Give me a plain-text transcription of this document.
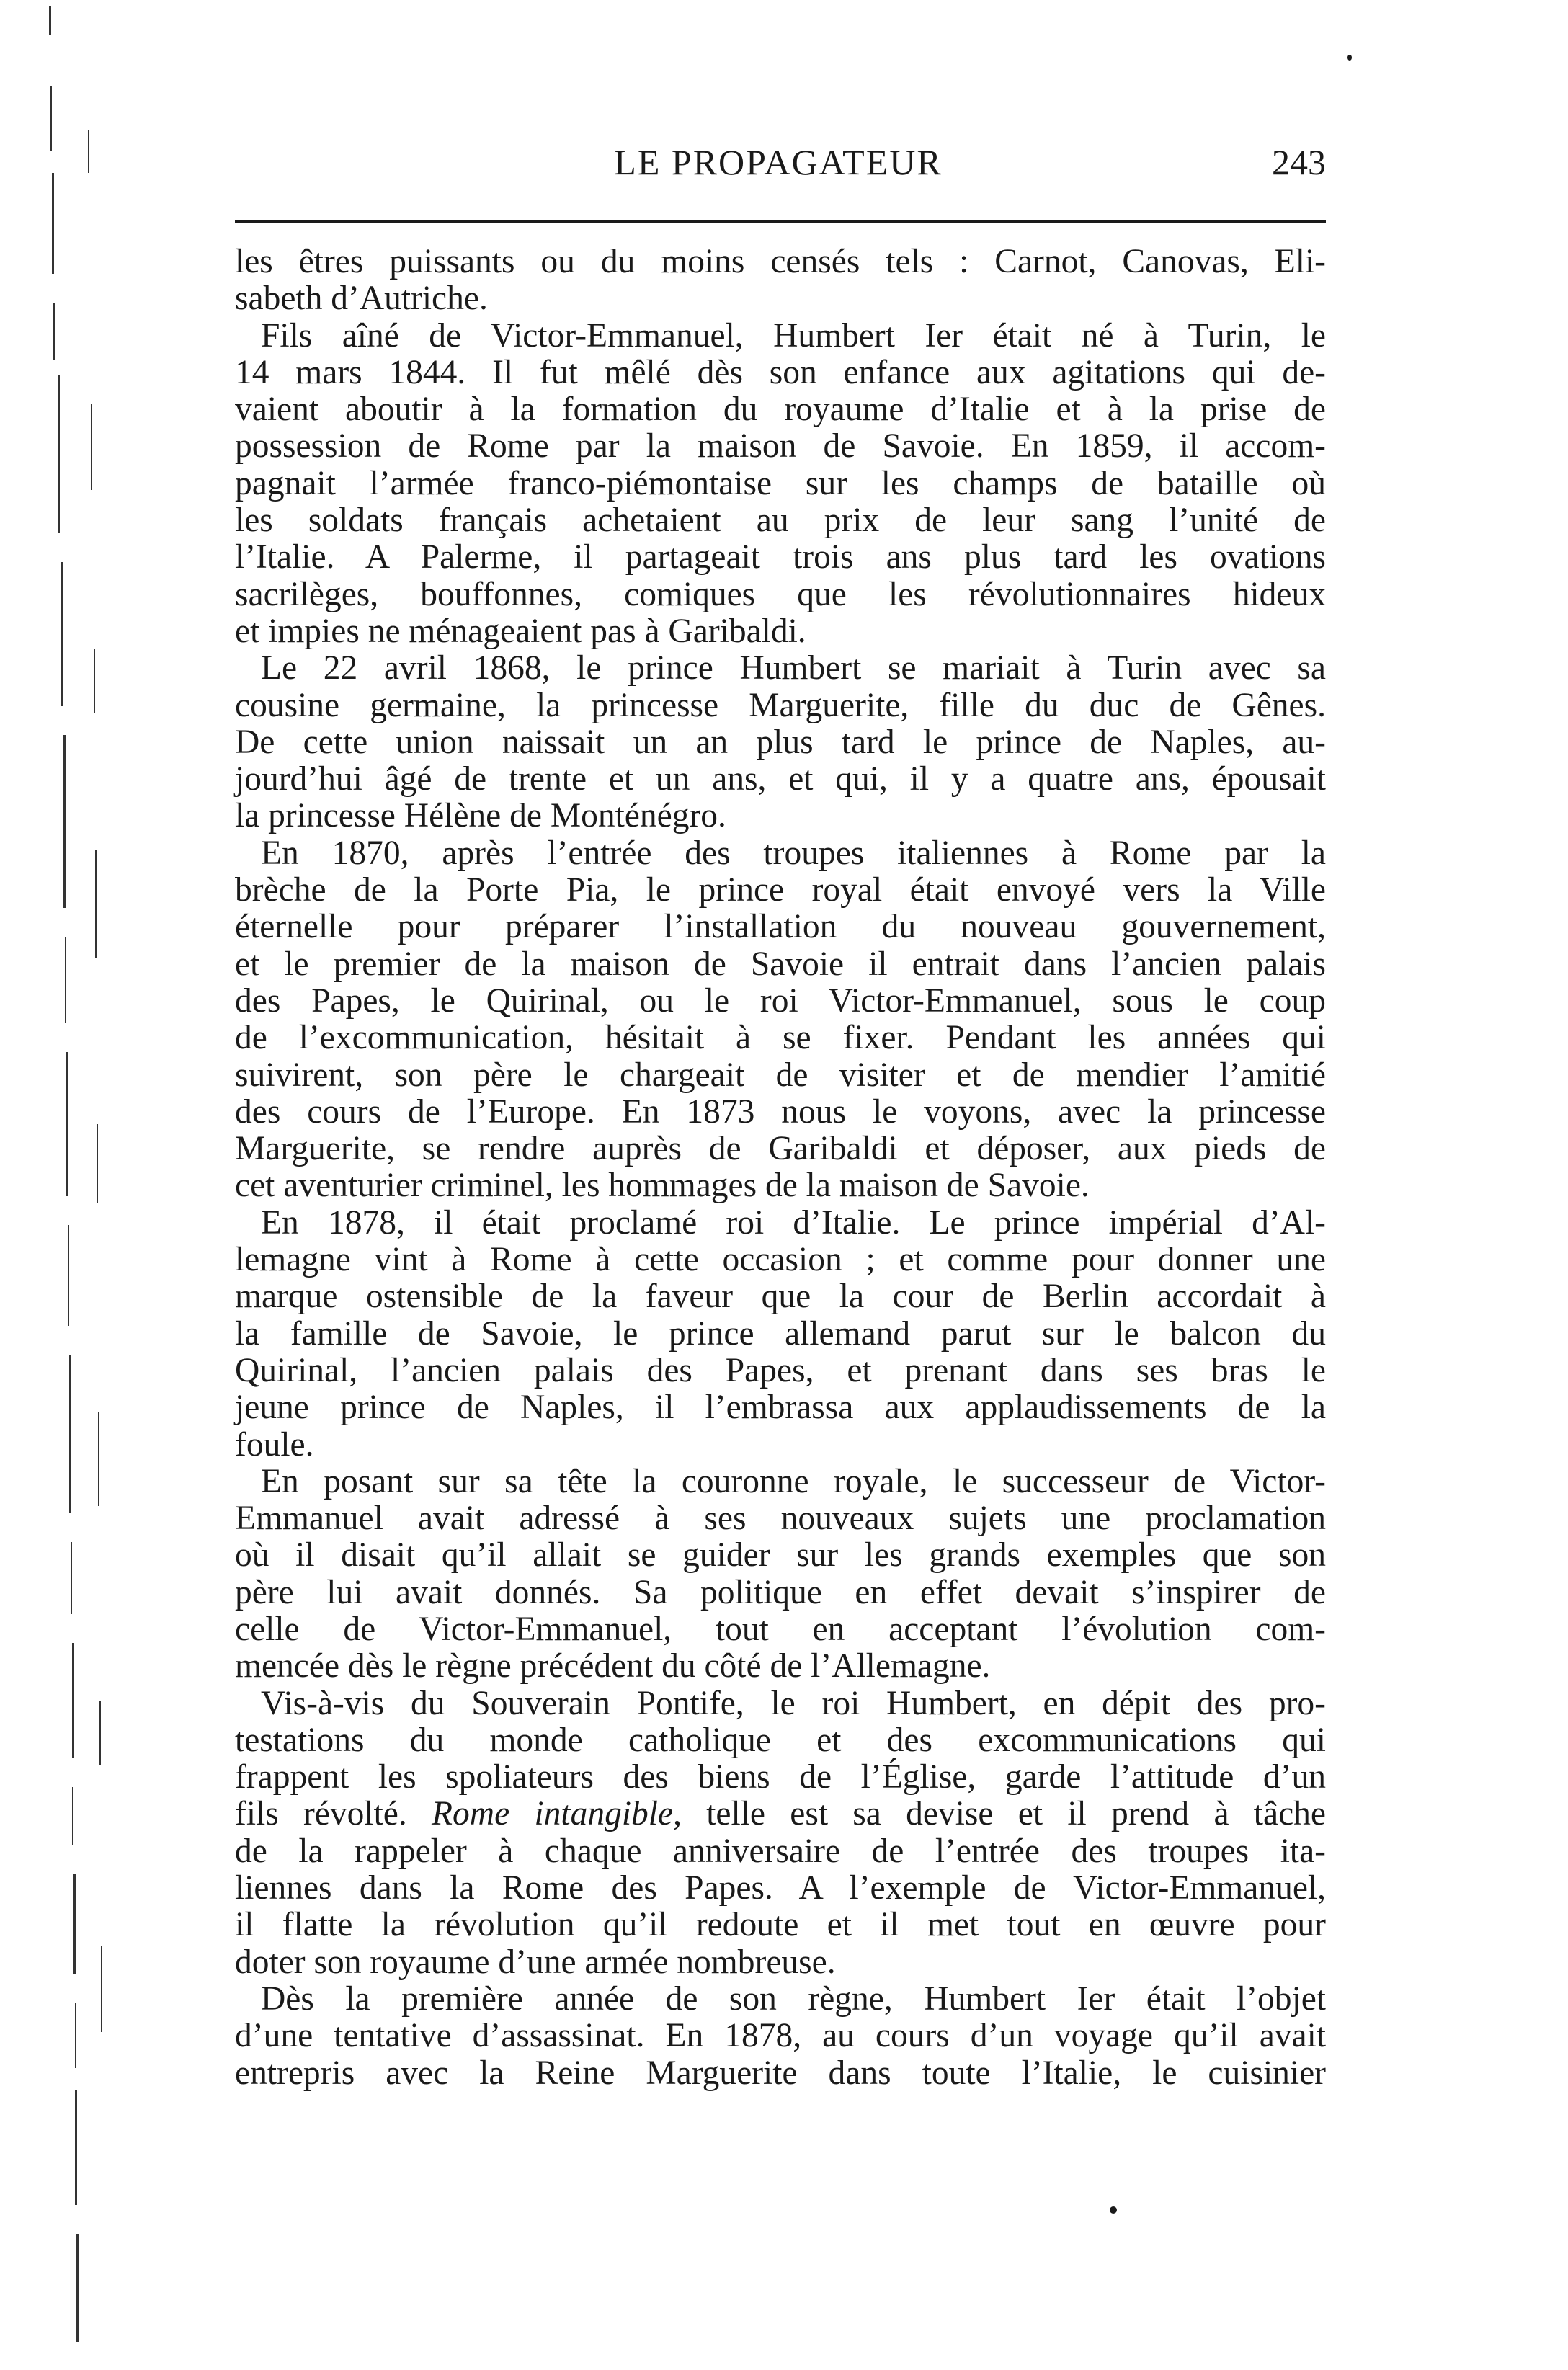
LE PROPAGATEUR	243
les êtres puissants ou du moins censés tels : Carnot, Canovas, Eli-
sabeth d’Autriche.
Fils aîné de Victor-Emmanuel, Humbert Ier était né à Turin, le
14 mars 1844. Il fut mêlé dès son enfance aux agitations qui de-
vaient aboutir à la formation du royaume d’Italie et à la prise de
possession de Rome par la maison de Savoie. En 1859, il accom-
pagnait l’armée franco-piémontaise sur les champs de bataille où
les soldats français achetaient au prix de leur sang l’unité de
l’Italie. A Palerme, il partageait trois ans plus tard les ovations
sacrilèges, bouffonnes, comiques que les révolutionnaires hideux
et impies ne ménageaient pas à Garibaldi.
Le 22 avril 1868, le prince Humbert se mariait à Turin avec sa
cousine germaine, la princesse Marguerite, fille du duc de Gênes.
De cette union naissait un an plus tard le prince de Naples, au-
jourd’hui âgé de trente et un ans, et qui, il y a quatre ans, épousait
la princesse Hélène de Monténégro.
En 1870, après l’entrée des troupes italiennes à Rome par la
brèche de la Porte Pia, le prince royal était envoyé vers la Ville
éternelle pour préparer l’installation du nouveau gouvernement,
et le premier de la maison de Savoie il entrait dans l’ancien palais
des Papes, le Quirinal, ou le roi Victor-Emmanuel, sous le coup
de l’excommunication, hésitait à se fixer. Pendant les années qui
suivirent, son père le chargeait de visiter et de mendier l’amitié
des cours de l’Europe. En 1873 nous le voyons, avec la princesse
Marguerite, se rendre auprès de Garibaldi et déposer, aux pieds de
cet aventurier criminel, les hommages de la maison de Savoie.
En 1878, il était proclamé roi d’Italie. Le prince impérial d’Al-
lemagne vint à Rome à cette occasion ; et comme pour donner une
marque ostensible de la faveur que la cour de Berlin accordait à
la famille de Savoie, le prince allemand parut sur le balcon du
Quirinal, l’ancien palais des Papes, et prenant dans ses bras le
jeune prince de Naples, il l’embrassa aux applaudissements de la
foule.
En posant sur sa tête la couronne royale, le successeur de Victor-
Emmanuel avait adressé à ses nouveaux sujets une proclamation
où il disait qu’il allait se guider sur les grands exemples que son
père lui avait donnés. Sa politique en effet devait s’inspirer de
celle de Victor-Emmanuel, tout en acceptant l’évolution com-
mencée dès le règne précédent du côté de l’Allemagne.
Vis-à-vis du Souverain Pontife, le roi Humbert, en dépit des pro-
testations du monde catholique et des excommunications qui
frappent les spoliateurs des biens de l’Église, garde l’attitude d’un
fils révolté. Rome intangible, telle est sa devise et il prend à tâche
de la rappeler à chaque anniversaire de l’entrée des troupes ita-
liennes dans la Rome des Papes. A l’exemple de Victor-Emmanuel,
il flatte la révolution qu’il redoute et il met tout en œuvre pour
doter son royaume d’une armée nombreuse.
Dès la première année de son règne, Humbert Ier était l’objet
d’une tentative d’assassinat. En 1878, au cours d’un voyage qu’il avait
entrepris avec la Reine Marguerite dans toute l’Italie, le cuisinier
